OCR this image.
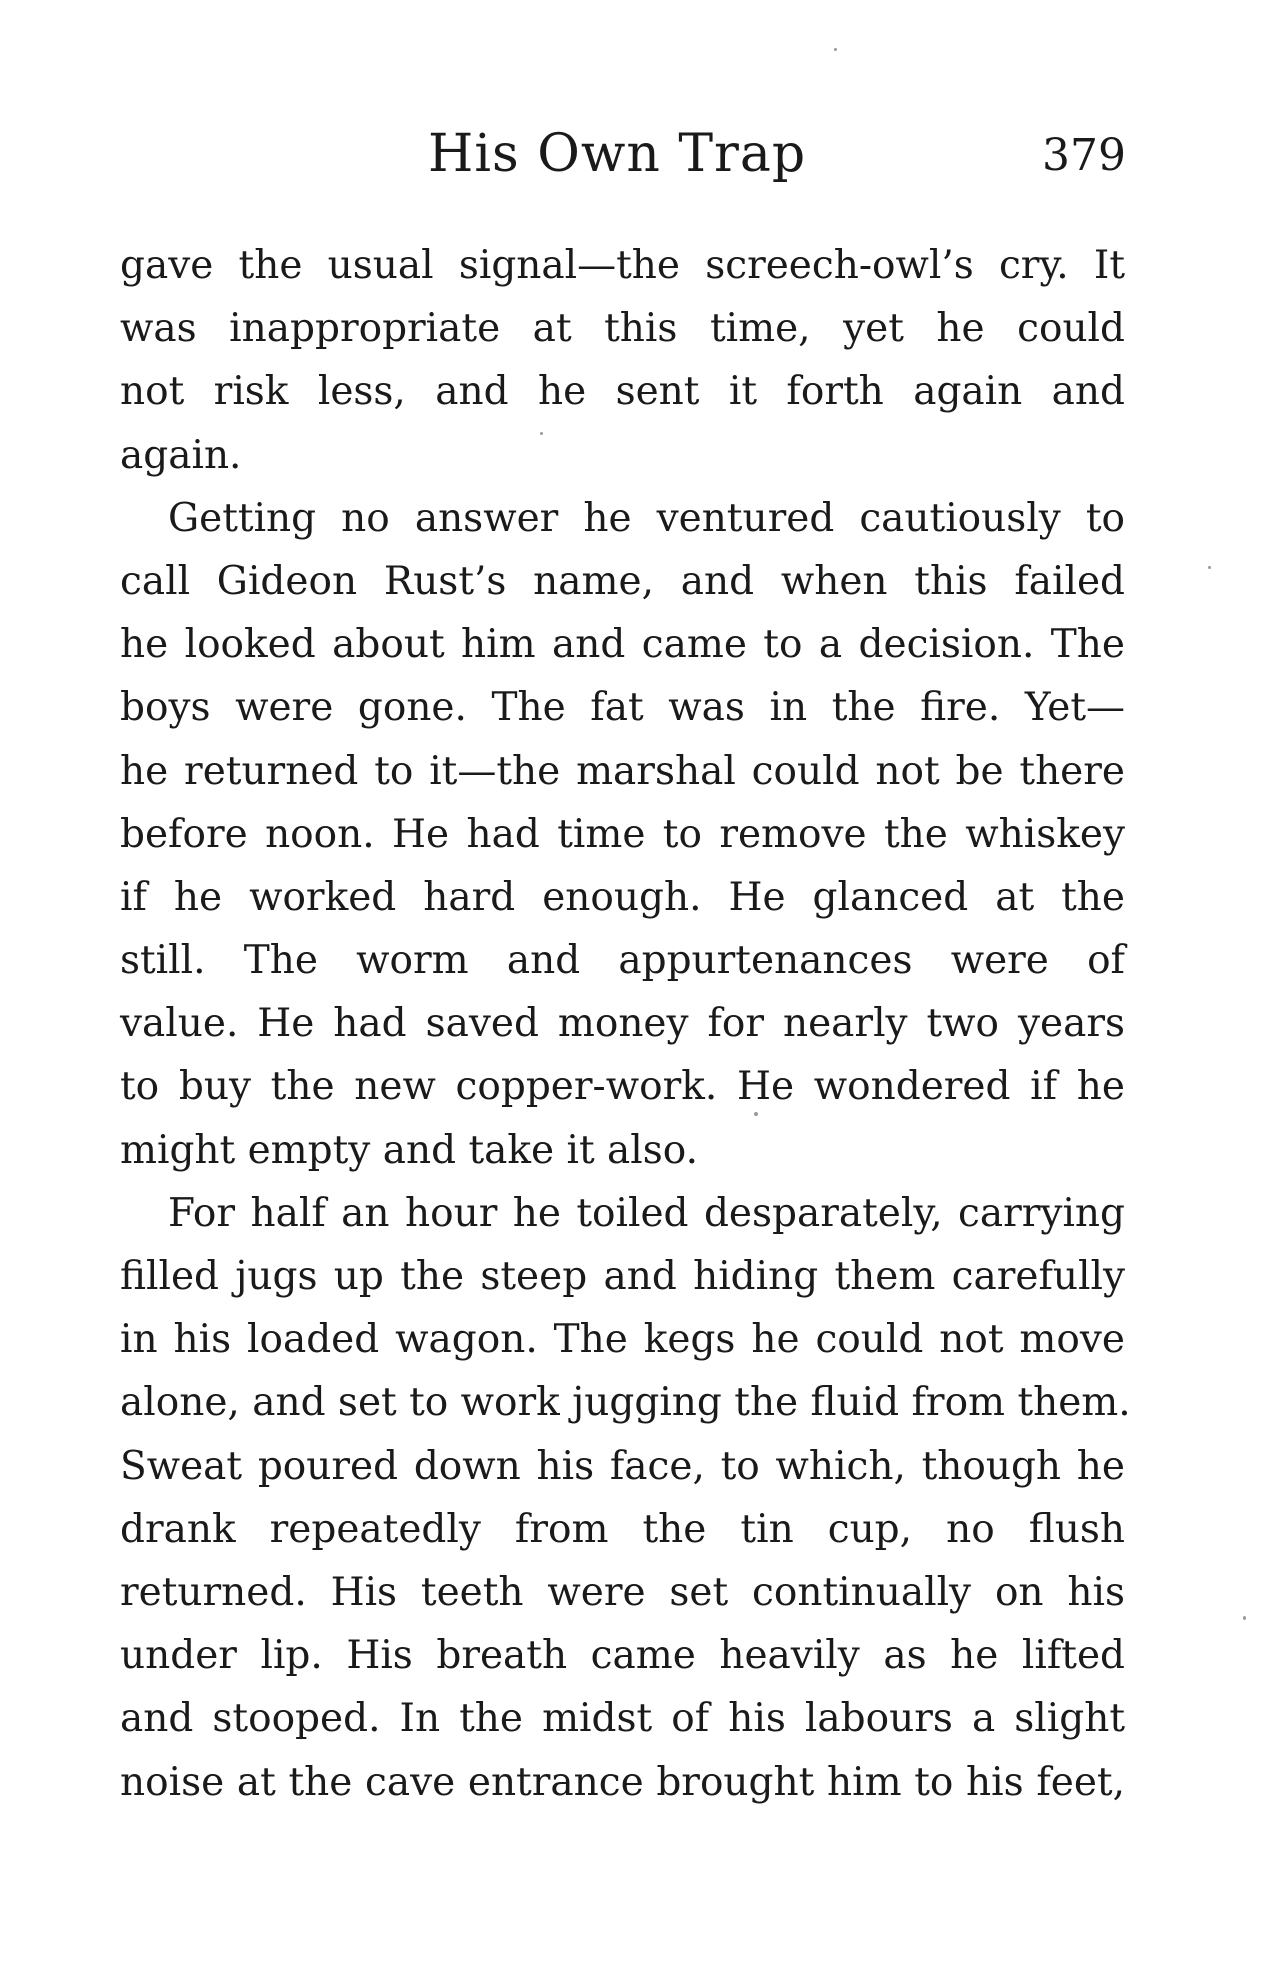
His Own Trap	379
gave the usual signal—the screech-owl’s cry. It
was inappropriate at this time, yet he could
not risk less, and he sent it forth again and
again.
Getting no answer he ventured cautiously to
call Gideon Rust’s name, and when this failed
he looked about him and came to a decision. The
boys were gone. The fat was in the fire. Yet—
he returned to it—the marshal could not be there
before noon. He had time to remove the whiskey
if he worked hard enough. He glanced at the
still. The worm and appurtenances were of
value. He had saved money for nearly two years
to buy the new copper-work. He wondered if he
might empty and take it also.
For half an hour he toiled desparately, carrying
filled jugs up the steep and hiding them carefully
in his loaded wagon. The kegs he could not move
alone, and set to work jugging the fluid from them.
Sweat poured down his face, to which, though he
drank repeatedly from the tin cup, no flush
returned. His teeth were set continually on his
under lip. His breath came heavily as he lifted
and stooped. In the midst of his labours a slight
noise at the cave entrance brought him to his feet,
